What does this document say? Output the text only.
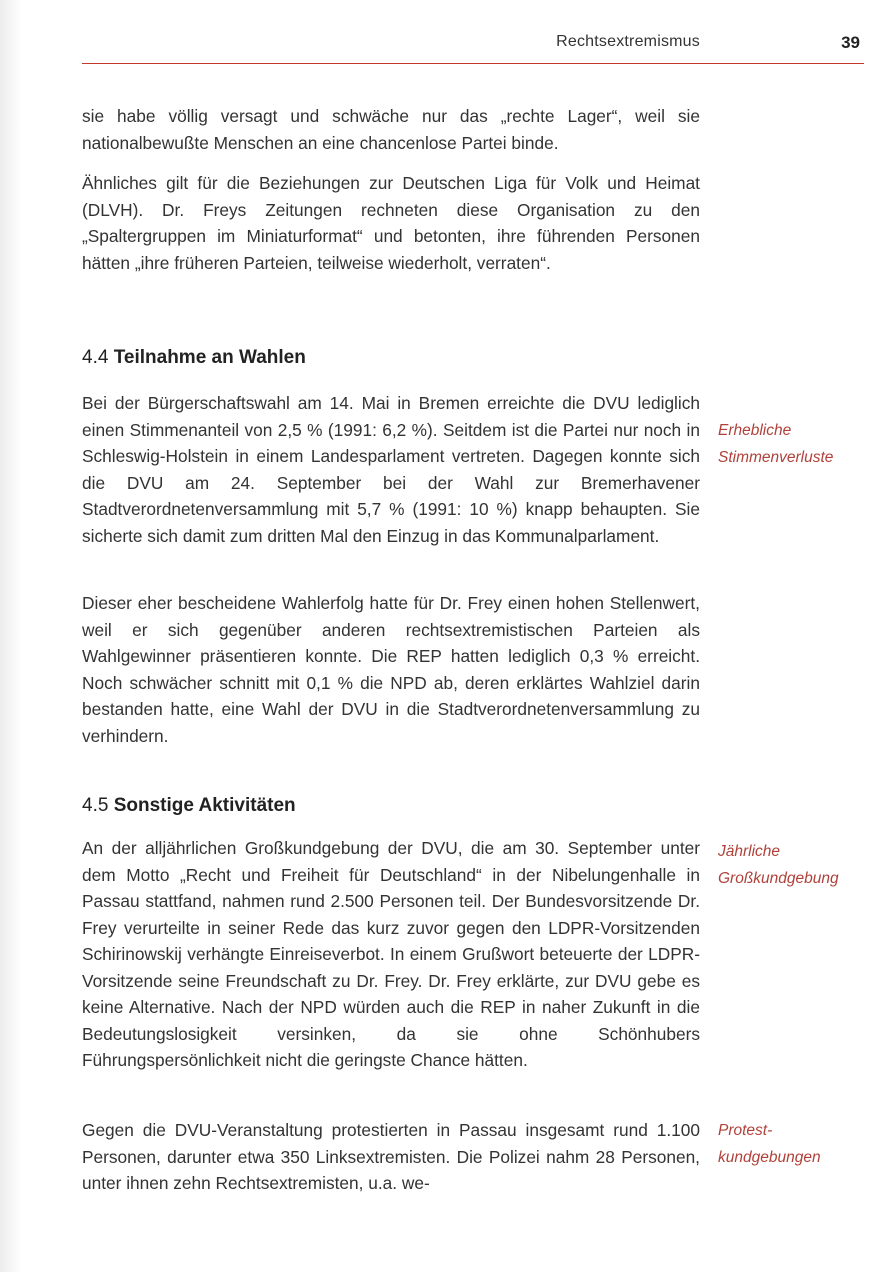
Rechtsextremismus	39

sie habe völlig versagt und schwäche nur das „rechte Lager“, weil sie nationalbewußte Menschen an eine chancenlose Partei binde.

Ähnliches gilt für die Beziehungen zur Deutschen Liga für Volk und Heimat (DLVH). Dr. Freys Zeitungen rechneten diese Organisation zu den „Spaltergruppen im Miniaturformat“ und betonten, ihre führenden Personen hätten „ihre früheren Parteien, teilweise wiederholt, verraten“.

4.4 Teilnahme an Wahlen

Bei der Bürgerschaftswahl am 14. Mai in Bremen erreichte die DVU lediglich einen Stimmenanteil von 2,5 % (1991: 6,2 %). Seitdem ist die Partei nur noch in Schleswig-Holstein in einem Landesparlament vertreten. Dagegen konnte sich die DVU am 24. September bei der Wahl zur Bremerhavener Stadtverordnetenversammlung mit 5,7 % (1991: 10 %) knapp behaupten. Sie sicherte sich damit zum dritten Mal den Einzug in das Kommunalparlament.

Erhebliche
Stimmenverluste

Dieser eher bescheidene Wahlerfolg hatte für Dr. Frey einen hohen Stellenwert, weil er sich gegenüber anderen rechtsextremistischen Parteien als Wahlgewinner präsentieren konnte. Die REP hatten lediglich 0,3 % erreicht. Noch schwächer schnitt mit 0,1 % die NPD ab, deren erklärtes Wahlziel darin bestanden hatte, eine Wahl der DVU in die Stadtverordnetenversammlung zu verhindern.

4.5 Sonstige Aktivitäten

An der alljährlichen Großkundgebung der DVU, die am 30. September unter dem Motto „Recht und Freiheit für Deutschland“ in der Nibelungenhalle in Passau stattfand, nahmen rund 2.500 Personen teil. Der Bundesvorsitzende Dr. Frey verurteilte in seiner Rede das kurz zuvor gegen den LDPR-Vorsitzenden Schirinowskij verhängte Einreiseverbot. In einem Grußwort beteuerte der LDPR-Vorsitzende seine Freundschaft zu Dr. Frey. Dr. Frey erklärte, zur DVU gebe es keine Alternative. Nach der NPD würden auch die REP in naher Zukunft in die Bedeutungslosigkeit versinken, da sie ohne Schönhubers Führungspersönlichkeit nicht die geringste Chance hätten.

Jährliche
Großkundgebung

Gegen die DVU-Veranstaltung protestierten in Passau insgesamt rund 1.100 Personen, darunter etwa 350 Linksextremisten. Die Polizei nahm 28 Personen, unter ihnen zehn Rechtsextremisten, u.a. we-

Protest-
kundgebungen
